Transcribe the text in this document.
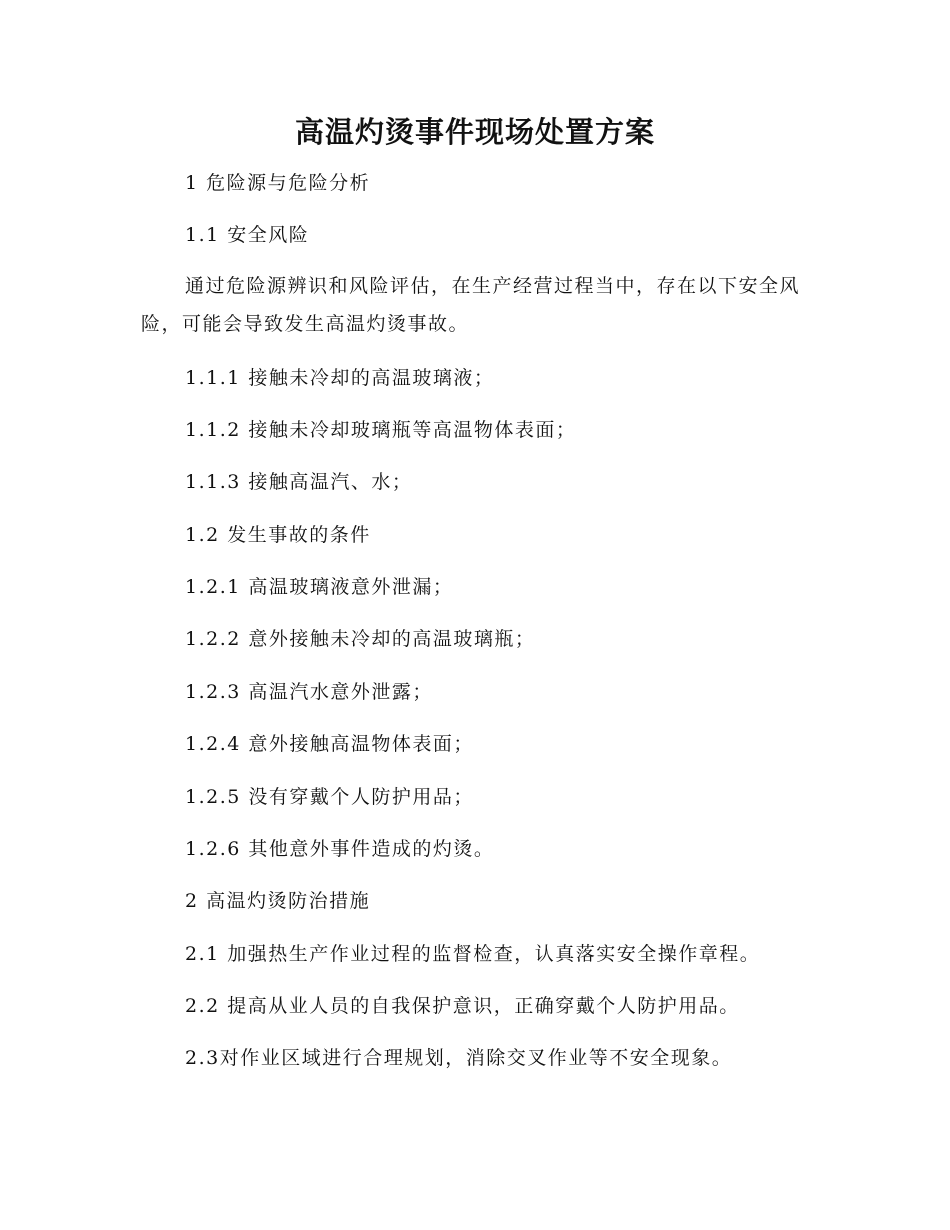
高温灼烫事件现场处置方案
1 危险源与危险分析
1.1 安全风险
通过危险源辨识和风险评估，在生产经营过程当中，存在以下安全风险，可能会导致发生高温灼烫事故。
1.1.1 接触未冷却的高温玻璃液；
1.1.2 接触未冷却玻璃瓶等高温物体表面；
1.1.3 接触高温汽、水；
1.2 发生事故的条件
1.2.1 高温玻璃液意外泄漏；
1.2.2 意外接触未冷却的高温玻璃瓶；
1.2.3 高温汽水意外泄露；
1.2.4 意外接触高温物体表面；
1.2.5 没有穿戴个人防护用品；
1.2.6 其他意外事件造成的灼烫。
2 高温灼烫防治措施
2.1 加强热生产作业过程的监督检查，认真落实安全操作章程。
2.2 提高从业人员的自我保护意识，正确穿戴个人防护用品。
2.3对作业区域进行合理规划，消除交叉作业等不安全现象。
